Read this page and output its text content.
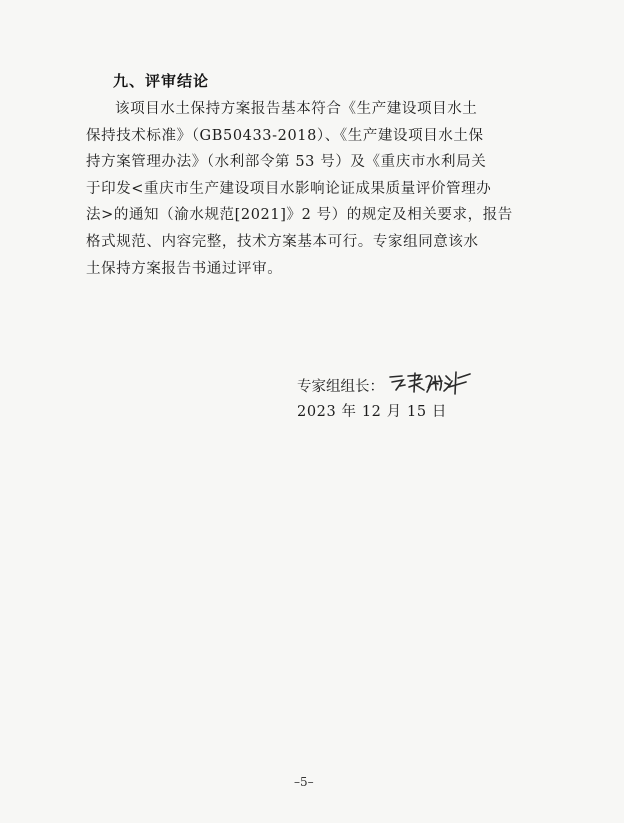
九、评审结论
该项目水土保持方案报告基本符合《生产建设项目水土
保持技术标准》（GB50433-2018）、《生产建设项目水土保
持方案管理办法》（水利部令第 53 号）及《重庆市水利局关
于印发<重庆市生产建设项目水影响论证成果质量评价管理办
法>的通知（渝水规范[2021]》2 号）的规定及相关要求，报告
格式规范、内容完整，技术方案基本可行。专家组同意该水
土保持方案报告书通过评审。
专家组组长：
2023 年 12 月 15 日
–5–
